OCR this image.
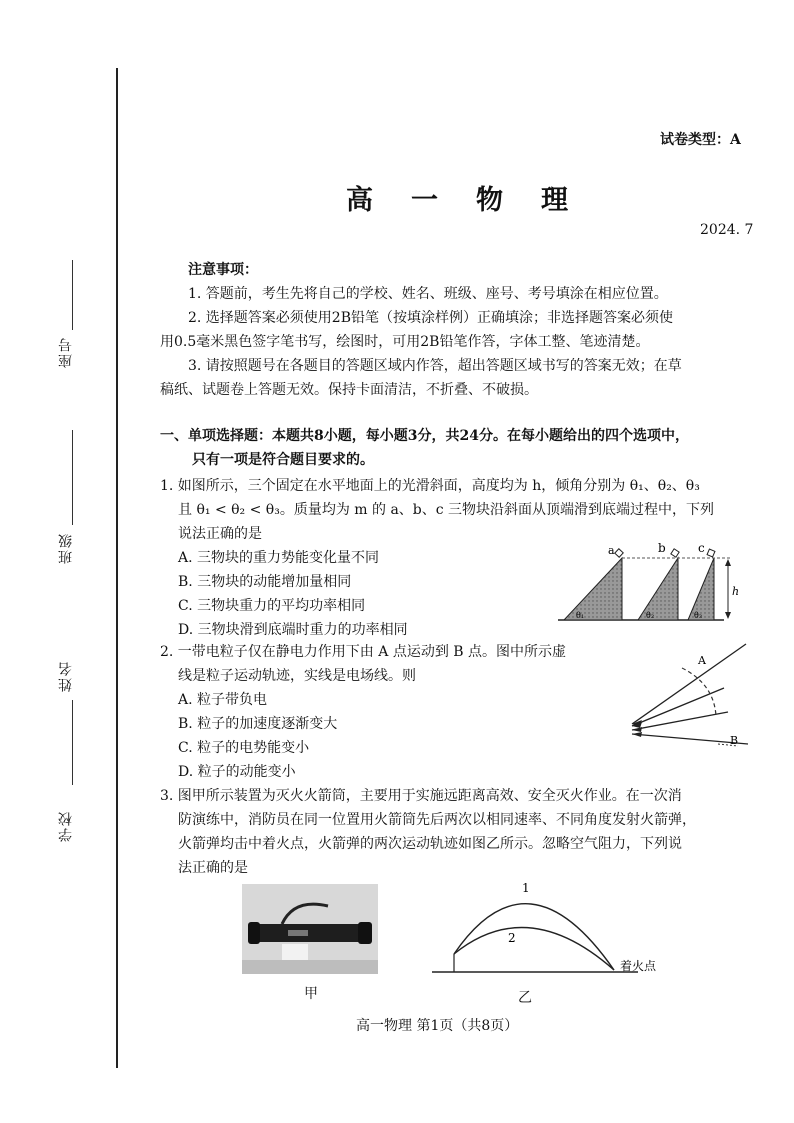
座号
班级
姓名
学校
试卷类型：A
高一物理
2024. 7
注意事项：
1. 答题前，考生先将自己的学校、姓名、班级、座号、考号填涂在相应位置。
2. 选择题答案必须使用2B铅笔（按填涂样例）正确填涂；非选择题答案必须使
用0.5毫米黑色签字笔书写，绘图时，可用2B铅笔作答，字体工整、笔迹清楚。
3. 请按照题号在各题目的答题区域内作答，超出答题区域书写的答案无效；在草
稿纸、试题卷上答题无效。保持卡面清洁，不折叠、不破损。
一、单项选择题：本题共8小题，每小题3分，共24分。在每小题给出的四个选项中，
只有一项是符合题目要求的。
1. 如图所示，三个固定在水平地面上的光滑斜面，高度均为 h，倾角分别为 θ₁、θ₂、θ₃
且 θ₁ < θ₂ < θ₃。质量均为 m 的 a、b、c 三物块沿斜面从顶端滑到底端过程中，下列
说法正确的是
A. 三物块的重力势能变化量不同
B. 三物块的动能增加量相同
C. 三物块重力的平均功率相同
D. 三物块滑到底端时重力的功率相同
a	b	c
h
θ₁	θ₂	θ₃
2. 一带电粒子仅在静电力作用下由 A 点运动到 B 点。图中所示虚
线是粒子运动轨迹，实线是电场线。则
A. 粒子带负电
B. 粒子的加速度逐渐变大
C. 粒子的电势能变小
D. 粒子的动能变小
A
B
3. 图甲所示装置为灭火火箭筒，主要用于实施远距离高效、安全灭火作业。在一次消
防演练中，消防员在同一位置用火箭筒先后两次以相同速率、不同角度发射火箭弹，
火箭弹均击中着火点，火箭弹的两次运动轨迹如图乙所示。忽略空气阻力，下列说
法正确的是
甲
1
2
着火点
乙
高一物理 第1页（共8页）
